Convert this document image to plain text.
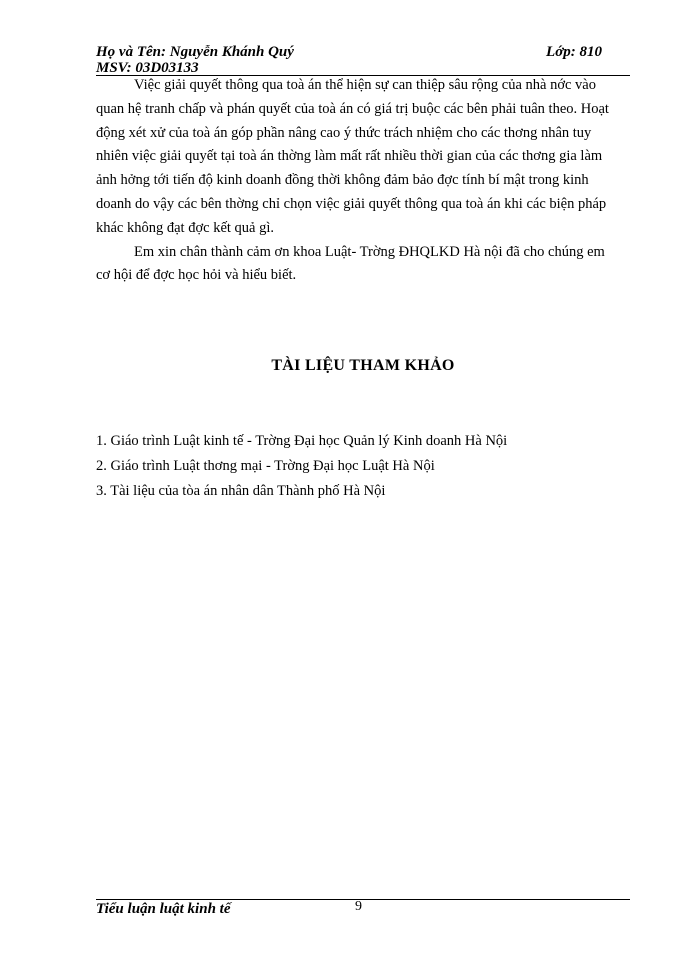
Họ và Tên: Nguyễn Khánh Quý
MSV: 03D03133
Lớp: 810

Việc giải quyết thông qua toà án thể hiện sự can thiệp sâu rộng của nhà nớc vào quan hệ tranh chấp và phán quyết của toà án có giá trị buộc các bên phải tuân theo. Hoạt động xét xử của toà án góp phần nâng cao ý thức trách nhiệm cho các thơng nhân tuy nhiên việc giải quyết tại toà án thờng làm mất rất nhiều thời gian của các thơng gia làm ảnh hởng tới tiến độ kinh doanh đồng thời không đảm bảo đợc tính bí mật trong kinh doanh do vậy các bên thờng chỉ chọn việc giải quyết thông qua toà án khi các biện pháp khác không đạt đợc kết quả gì.

Em xin chân thành cảm ơn khoa Luật- Trờng ĐHQLKD Hà nội đã cho chúng em cơ hội để đợc học hỏi và hiểu biết.

TÀI LIỆU THAM KHẢO
1. Giáo trình Luật kinh tế - Trờng Đại học Quản lý Kinh doanh Hà Nội
2. Giáo trình Luật thơng mại - Trờng Đại học Luật Hà Nội
3. Tài liệu của tòa án nhân dân Thành phố Hà Nội
Tiểu luận luật kinh tế	9
